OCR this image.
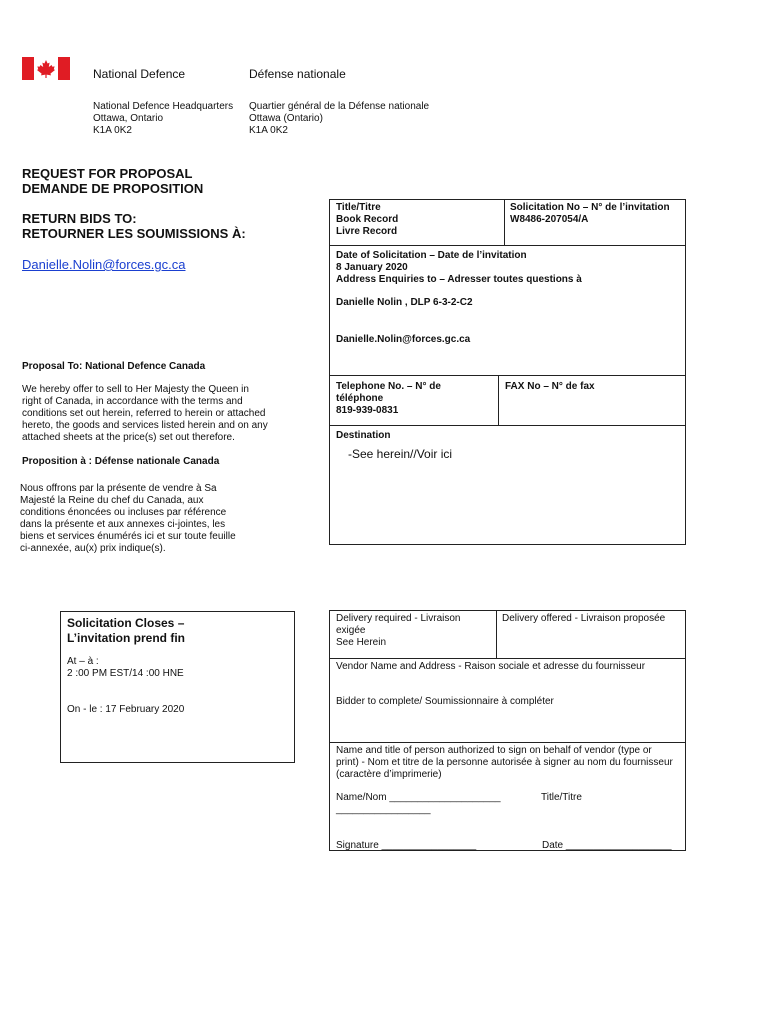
National Defence	Défense nationale
National Defence Headquarters
Ottawa, Ontario
K1A 0K2
Quartier général de la Défense nationale
Ottawa (Ontario)
K1A 0K2
REQUEST FOR PROPOSAL
DEMANDE DE PROPOSITION
RETURN BIDS TO:
RETOURNER LES SOUMISSIONS À:
Danielle.Nolin@forces.gc.ca
Title/Titre
Book Record
Livre Record
Solicitation No – N° de l’invitation
W8486-207054/A
Date of Solicitation – Date de l’invitation
8 January 2020
Address Enquiries to – Adresser toutes questions à
Danielle Nolin , DLP 6-3-2-C2
Danielle.Nolin@forces.gc.ca
Telephone No. – N° de
téléphone
819-939-0831
FAX No – N° de fax
Destination
-See herein//Voir ici
Proposal To: National Defence Canada
We hereby offer to sell to Her Majesty the Queen in
right of Canada, in accordance with the terms and
conditions set out herein, referred to herein or attached
hereto, the goods and services listed herein and on any
attached sheets at the price(s) set out therefore.
Proposition à : Défense nationale Canada
Nous offrons par la présente de vendre à Sa
Majesté la Reine du chef du Canada, aux
conditions énoncées ou incluses par référence
dans la présente et aux annexes ci-jointes, les
biens et services énumérés ici et sur toute feuille
ci-annexée, au(x) prix indique(s).
Solicitation Closes –
L’invitation prend fin
At – à :
2 :00 PM EST/14 :00 HNE
On - le : 17 February 2020
Delivery required - Livraison
exigée
See Herein
Delivery offered - Livraison proposée
Vendor Name and Address - Raison sociale et adresse du fournisseur
Bidder to complete/ Soumissionnaire à compléter
Name and title of person authorized to sign on behalf of vendor (type or
print) - Nom et titre de la personne autorisée à signer au nom du fournisseur
(caractère d’imprimerie)
Name/Nom ____________________
_________________
Title/Titre
Signature _________________	Date ___________________
